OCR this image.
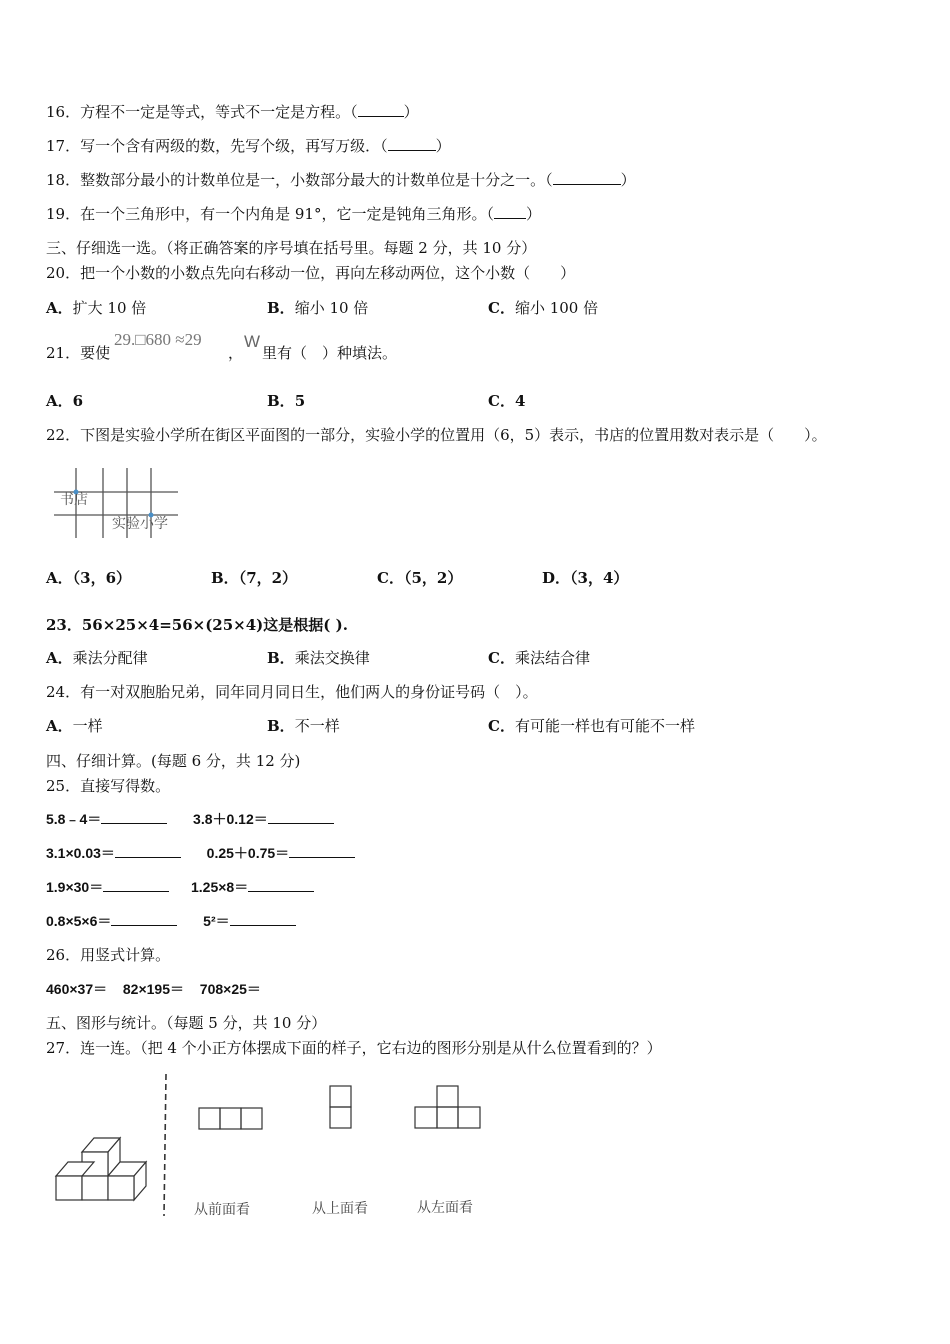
16．方程不一定是等式，等式不一定是方程。（	）
17．写一个含有两级的数，先写个级，再写万级．（	）
18．整数部分最小的计数单位是一，小数部分最大的计数单位是十分之一。（	）
19．在一个三角形中，有一个内角是 91°，它一定是钝角三角形。（ ）
三、仔细选一选。（将正确答案的序号填在括号里。每题 2 分，共 10 分）
20．把一个小数的小数点先向右移动一位，再向左移动两位，这个小数（　　）
A．扩大 10 倍	B．缩小 10 倍	C．缩小 100 倍
21．要使
29.□680 ≈29
，
W
里有（　）种填法。
A．6	B．5	C．4
22．下图是实验小学所在街区平面图的一部分，实验小学的位置用（6，5）表示，书店的位置用数对表示是（　　）。
书店
实验小学
A．（3，6）	B．（7，2）	C．（5，2）	D．（3，4）
23．56×25×4=56×(25×4)这是根据( ).
A．乘法分配律	B．乘法交换律	C．乘法结合律
24．有一对双胞胎兄弟，同年同月同日生，他们两人的身份证号码（　）。
A．一样	B．不一样	C．有可能一样也有可能不一样
四、仔细计算。(每题 6 分，共 12 分)
25．直接写得数。
5.8﹣4＝	3.8＋0.12＝
3.1×0.03＝	0.25＋0.75＝
1.9×30＝	1.25×8＝
0.8×5×6＝	5²＝
26．用竖式计算。
460×37＝ 82×195＝ 708×25＝
五、图形与统计。（每题 5 分，共 10 分）
27．连一连。（把 4 个小正方体摆成下面的样子，它右边的图形分别是从什么位置看到的？）
从前面看	从上面看	从左面看
